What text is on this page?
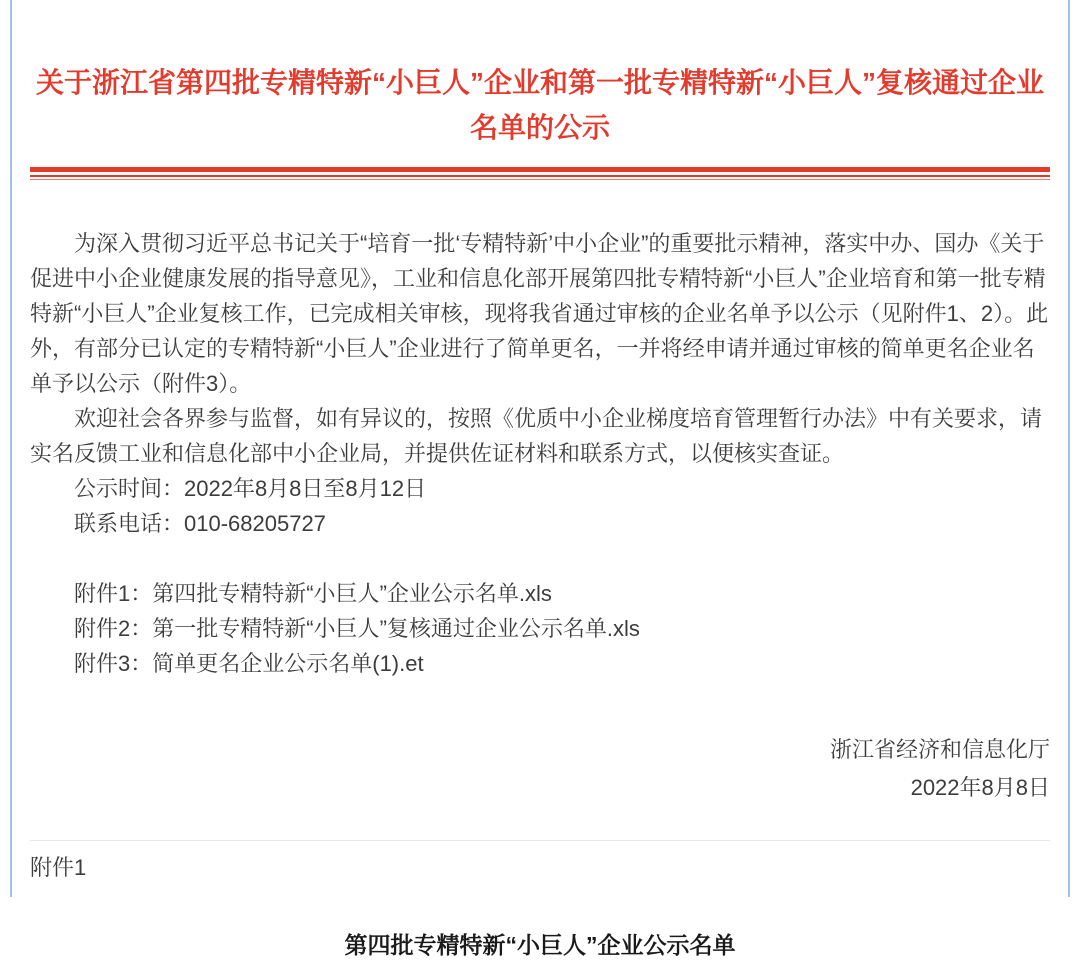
关于浙江省第四批专精特新“小巨人”企业和第一批专精特新“小巨人”复核通过企业名单的公示

为深入贯彻习近平总书记关于“培育一批‘专精特新’中小企业”的重要批示精神，落实中办、国办《关于促进中小企业健康发展的指导意见》，工业和信息化部开展第四批专精特新“小巨人”企业培育和第一批专精特新“小巨人”企业复核工作，已完成相关审核，现将我省通过审核的企业名单予以公示（见附件1、2）。此外，有部分已认定的专精特新“小巨人”企业进行了简单更名，一并将经申请并通过审核的简单更名企业名单予以公示（附件3）。

欢迎社会各界参与监督，如有异议的，按照《优质中小企业梯度培育管理暂行办法》中有关要求，请实名反馈工业和信息化部中小企业局，并提供佐证材料和联系方式，以便核实查证。

公示时间：2022年8月8日至8月12日

联系电话：010-68205727

附件1：第四批专精特新“小巨人”企业公示名单.xls

附件2：第一批专精特新“小巨人”复核通过企业公示名单.xls

附件3：简单更名企业公示名单(1).et

浙江省经济和信息化厅
2022年8月8日
附件1
第四批专精特新“小巨人”企业公示名单
